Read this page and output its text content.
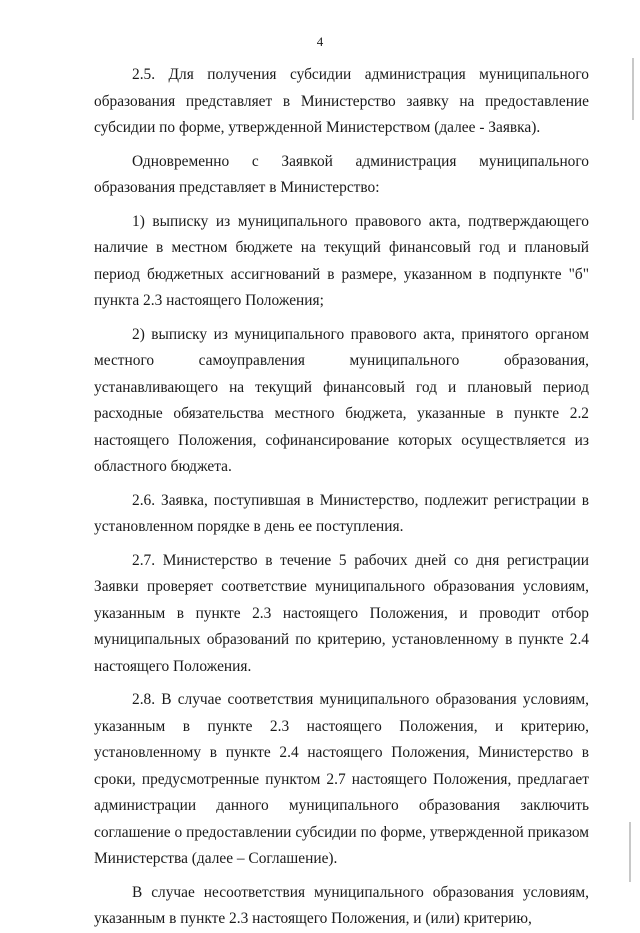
4

2.5. Для получения субсидии администрация муниципального образования представляет в Министерство заявку на предоставление субсидии по форме, утвержденной Министерством (далее - Заявка).

Одновременно с Заявкой администрация муниципального образования представляет в Министерство:

1) выписку из муниципального правового акта, подтверждающего наличие в местном бюджете на текущий финансовый год и плановый период бюджетных ассигнований в размере, указанном в подпункте "б" пункта 2.3 настоящего Положения;

2) выписку из муниципального правового акта, принятого органом местного самоуправления муниципального образования, устанавливающего на текущий финансовый год и плановый период расходные обязательства местного бюджета, указанные в пункте 2.2 настоящего Положения, софинансирование которых осуществляется из областного бюджета.

2.6. Заявка, поступившая в Министерство, подлежит регистрации в установленном порядке в день ее поступления.

2.7. Министерство в течение 5 рабочих дней со дня регистрации Заявки проверяет соответствие муниципального образования условиям, указанным в пункте 2.3 настоящего Положения, и проводит отбор муниципальных образований по критерию, установленному в пункте 2.4 настоящего Положения.

2.8. В случае соответствия муниципального образования условиям, указанным в пункте 2.3 настоящего Положения, и критерию, установленному в пункте 2.4 настоящего Положения, Министерство в сроки, предусмотренные пунктом 2.7 настоящего Положения, предлагает администрации данного муниципального образования заключить соглашение о предоставлении субсидии по форме, утвержденной приказом Министерства (далее – Соглашение).

В случае несоответствия муниципального образования условиям, указанным в пункте 2.3 настоящего Положения, и (или) критерию,
